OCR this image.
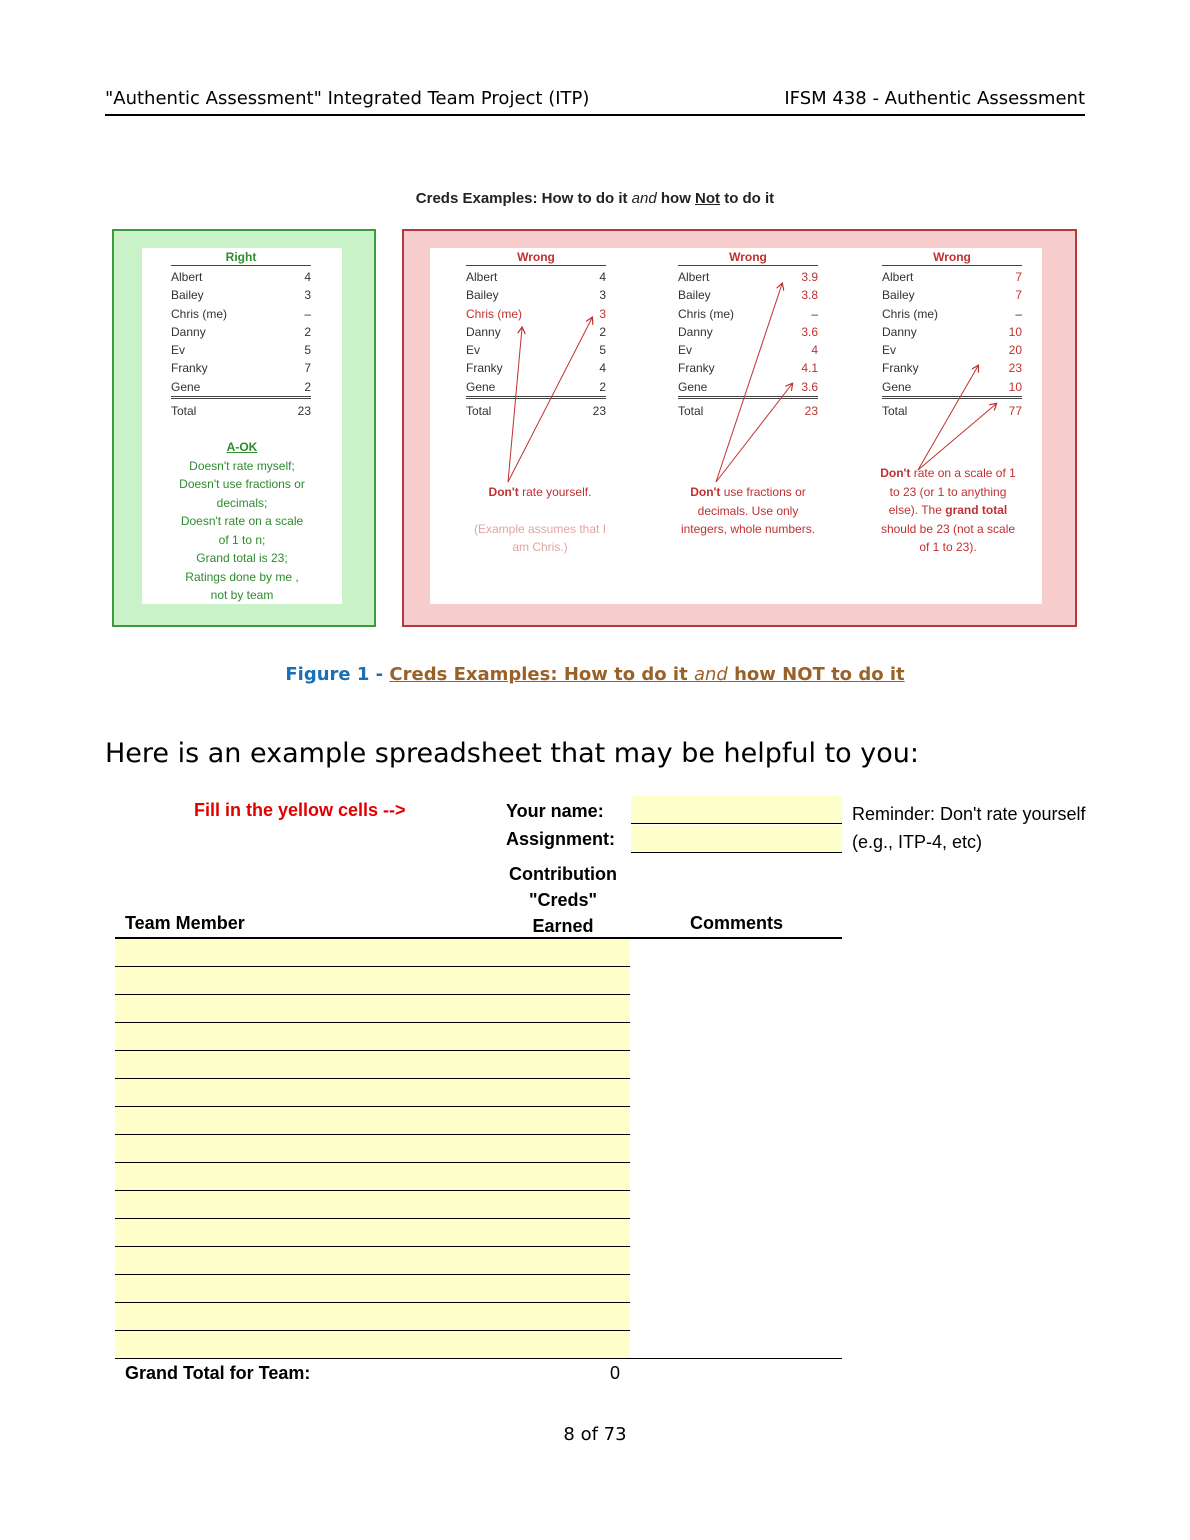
"Authentic Assessment" Integrated Team Project (ITP)	IFSM 438 - Authentic Assessment
Creds Examples: How to do it and how Not to do it
Right
Albert	4
Bailey	3
Chris (me)	–
Danny	2
Ev	5
Franky	7
Gene	2
Total	23
A-OK
Doesn't rate myself;
Doesn't use fractions or
decimals;
Doesn't rate on a scale
of 1 to n;
Grand total is 23;
Ratings done by me ,
not by team
Wrong
Albert	4
Bailey	3
Chris (me)	3
Danny	2
Ev	5
Franky	4
Gene	2
Total	23
Don't rate yourself.
(Example assumes that I am Chris.)
Wrong
Albert	3.9
Bailey	3.8
Chris (me)	–
Danny	3.6
Ev	4
Franky	4.1
Gene	3.6
Total	23
Don't use fractions or decimals. Use only integers, whole numbers.
Wrong
Albert	7
Bailey	7
Chris (me)	–
Danny	10
Ev	20
Franky	23
Gene	10
Total	77
Don't rate on a scale of 1 to 23 (or 1 to anything else). The grand total should be 23 (not a scale of 1 to 23).
Figure 1 - Creds Examples: How to do it and how NOT to do it
Here is an example spreadsheet that may be helpful to you:
Fill in the yellow cells -->	Your name:
Assignment:
Reminder: Don't rate yourself
(e.g., ITP-4, etc)
Team Member
Contribution
"Creds"
Earned	Comments
Grand Total for Team:	0
8 of 73
